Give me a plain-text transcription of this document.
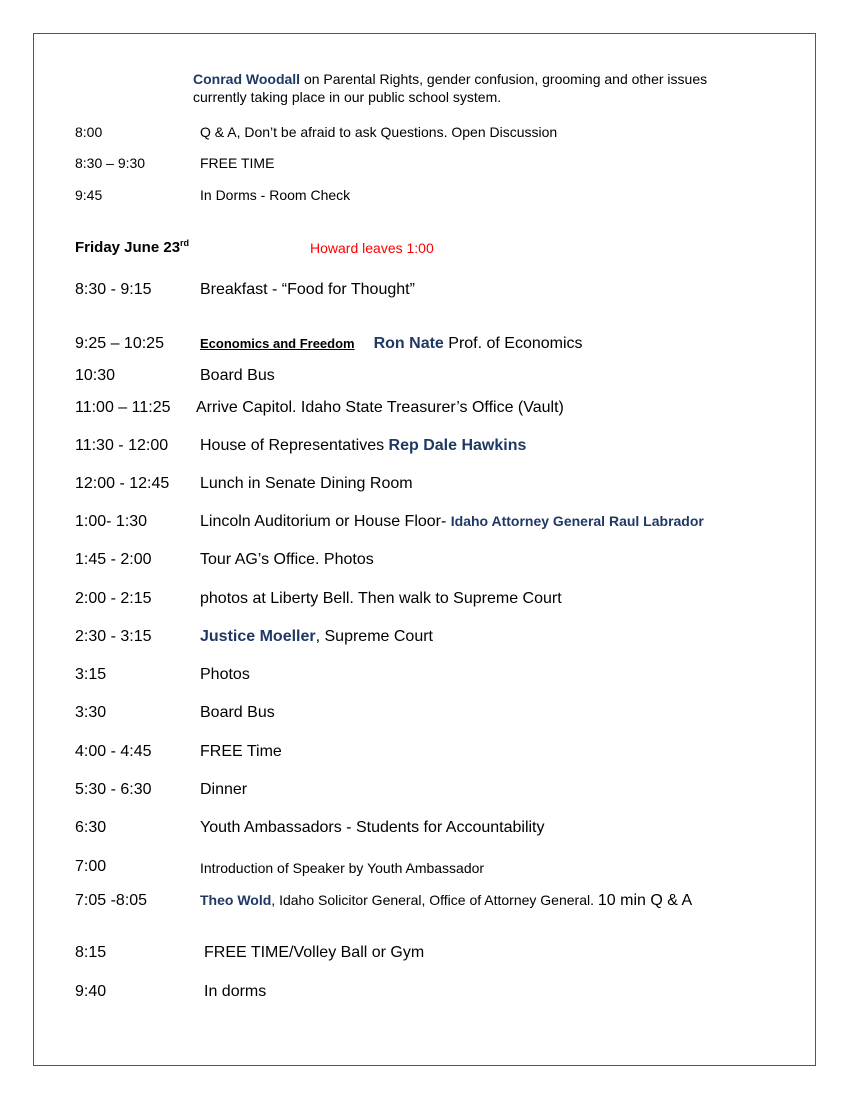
Conrad Woodall on Parental Rights, gender confusion, grooming and other issues currently taking place in our public school system.
8:00	Q & A, Don’t be afraid to ask Questions. Open Discussion
8:30 – 9:30	FREE TIME
9:45	In Dorms - Room Check
Friday June 23rd	Howard leaves 1:00
8:30 - 9:15	Breakfast - “Food for Thought”
9:25 – 10:25	Economics and Freedom Ron Nate Prof. of Economics
10:30	Board Bus
11:00 – 11:25 Arrive Capitol. Idaho State Treasurer’s Office (Vault)
11:30 - 12:00 House of Representatives Rep Dale Hawkins
12:00 - 12:45 Lunch in Senate Dining Room
1:00- 1:30	Lincoln Auditorium or House Floor- Idaho Attorney General Raul Labrador
1:45 - 2:00	Tour AG’s Office. Photos
2:00 - 2:15	photos at Liberty Bell. Then walk to Supreme Court
2:30 - 3:15	Justice Moeller, Supreme Court
3:15	Photos
3:30	Board Bus
4:00 - 4:45	FREE Time
5:30 - 6:30	Dinner
6:30	Youth Ambassadors - Students for Accountability
7:00	Introduction of Speaker by Youth Ambassador
7:05 -8:05	Theo Wold, Idaho Solicitor General, Office of Attorney General. 10 min Q & A
8:15	FREE TIME/Volley Ball or Gym
9:40	In dorms
